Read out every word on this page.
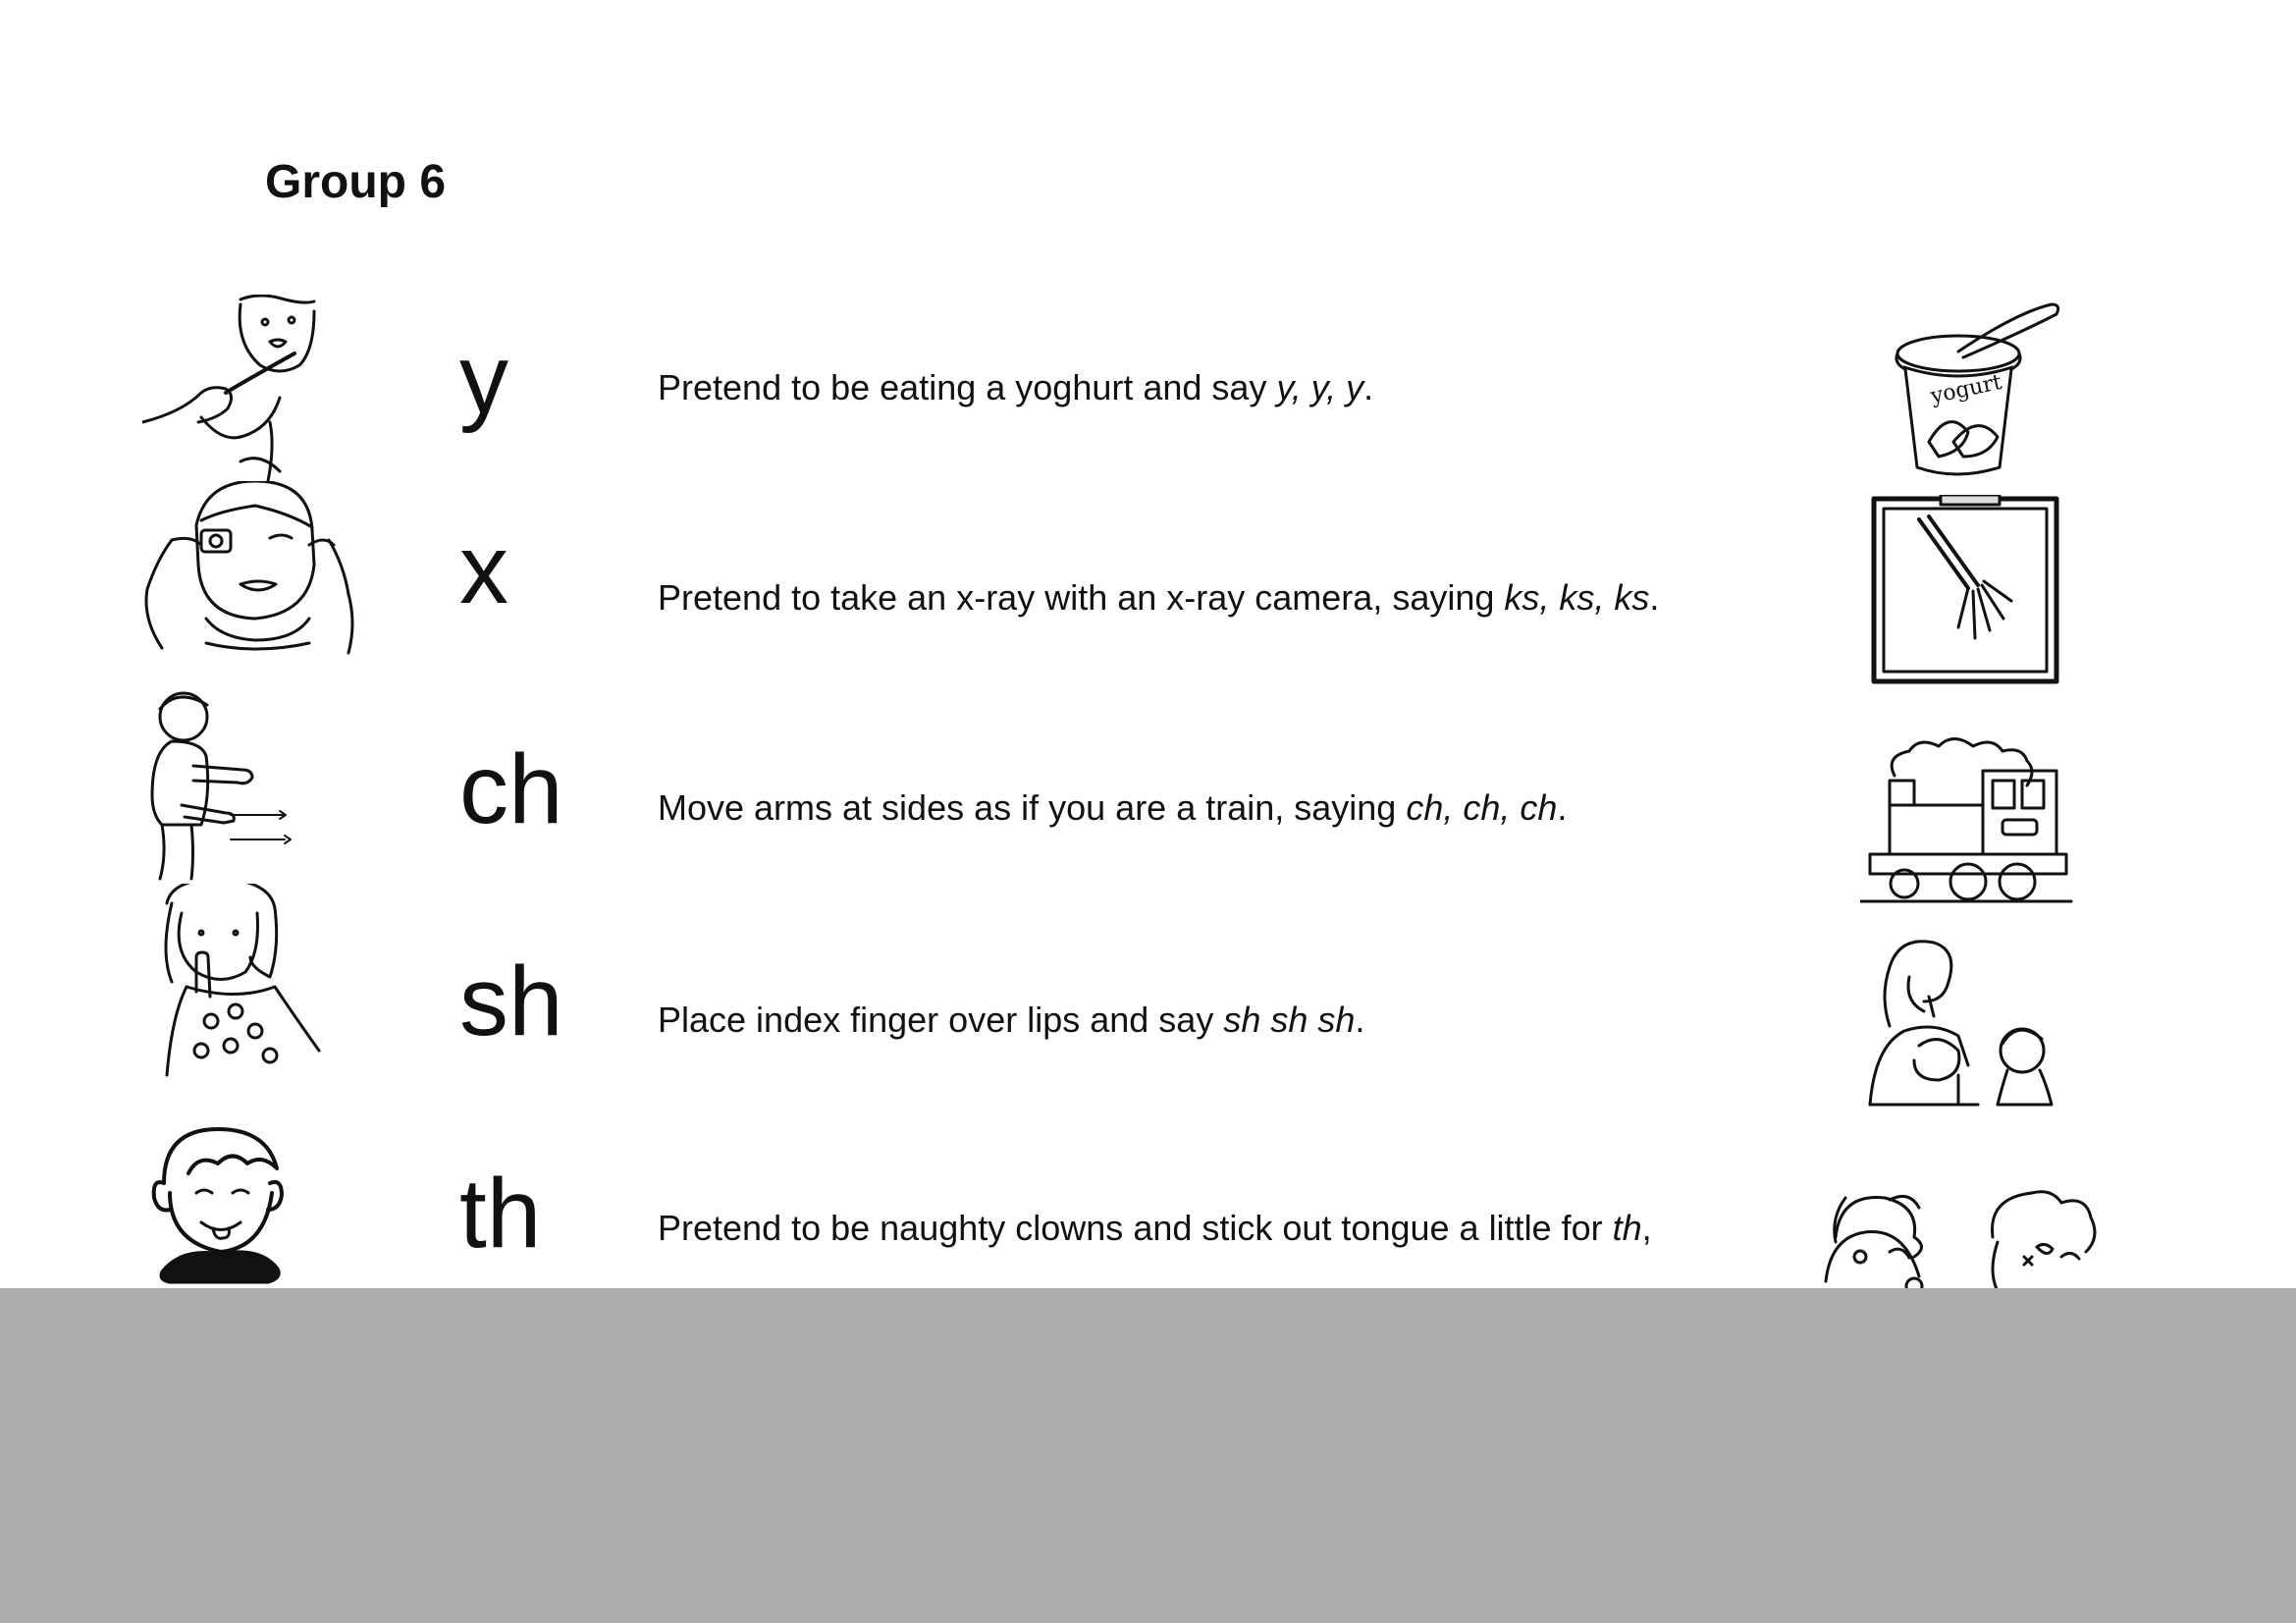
Group 6
y	Pretend to be eating a yoghurt and say y, y, y.	yogurt
x	Pretend to take an x-ray with an x-ray camera, saying ks, ks, ks.
ch	Move arms at sides as if you are a train, saying ch, ch, ch.
sh	Place index finger over lips and say sh sh sh.
th	Pretend to be naughty clowns and stick out tongue a little for th,
